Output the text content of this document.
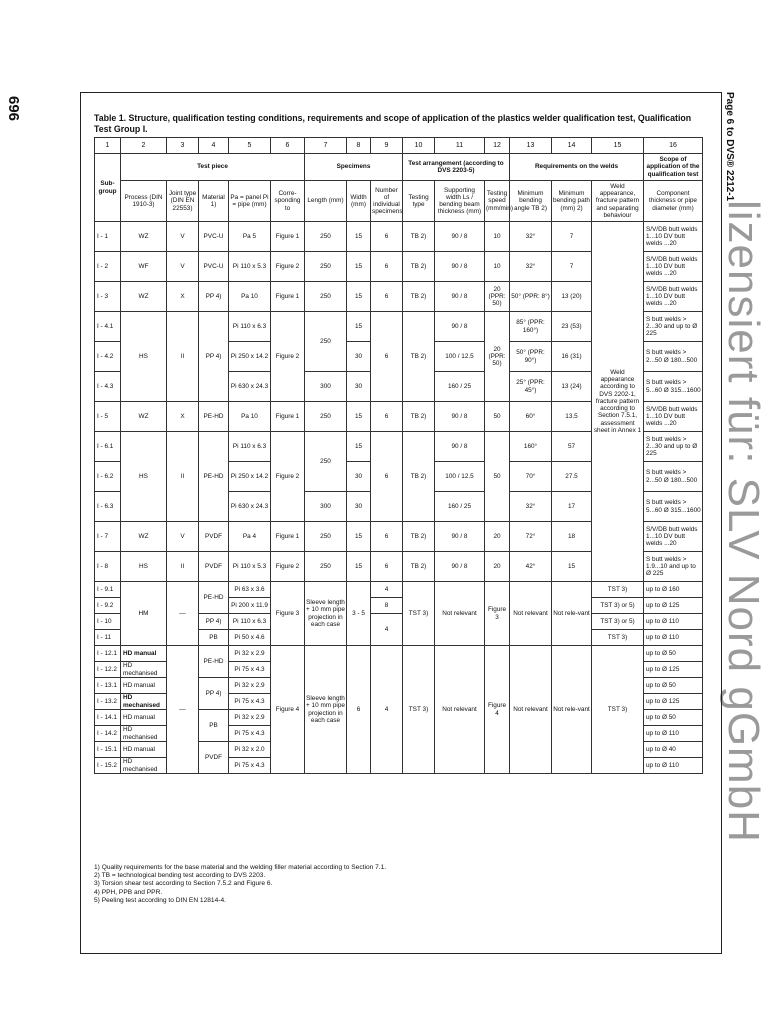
696	Page 6 to DVS® 2212-1
lizensiert für: SLV Nord gGmbH
Table 1. Structure, qualification testing conditions, requirements and scope of application of the plastics welder qualification test, Qualification Test Group I.
1	2	3	4	5	6	7	8	9	10	11	12	13	14	15	16
Sub-group	Test piece					Specimens			Test arrangement (according to DVS 2203-5)			Requirements on the welds			Scope of application of the qualification test
	Process (DIN 1910-3)	Joint type (DIN EN 22553)	Material 1)	Pa = panel Pi = pipe (mm)	Corre-sponding to	Length (mm)	Width (mm)	Number of individual specimens	Testing type	Supporting width Ls / bending beam thickness (mm)	Testing speed (mm/min)	Minimum bending angle TB 2)	Minimum bending path (mm) 2)	Weld appearance, fracture pattern and separating behaviour	Component thickness or pipe diameter (mm)
I - 1	WZ	V	PVC-U	Pa 5	Figure 1	250	15	6	TB 2)	90 / 8	10	32°	7	Weld appearance according to DVS 2202-1, fracture pattern according to Section 7.5.1, assessment sheet in Annex 1	S/V/DB butt welds 1...10 DV butt welds ...20
I - 2	WF	V	PVC-U	Pi 110 x 5.3	Figure 2	250	15	6	TB 2)	90 / 8	10	32°	7		S/V/DB butt welds 1...10 DV butt welds ...20
I - 3	WZ	X	PP 4)	Pa 10	Figure 1	250	15	6	TB 2)	90 / 8	20 (PPR: 50)	50° (PPR: 8°)	13 (20)		S/V/DB butt welds 1...10 DV butt welds ...20
I - 4.1	HS	II	PP 4)	Pi 110 x 6.3	Figure 2	250	15	6	TB 2)	90 / 8	20 (PPR: 50)	85° (PPR: 160°)	23 (53)		S butt welds > 2...30 and up to Ø 225
I - 4.2				Pi 250 x 14.2			30			100 / 12.5		50° (PPR: 90°)	16 (31)		S butt welds > 2...50 Ø 180...500
I - 4.3				Pi 630 x 24.3		300	30			160 / 25		25° (PPR: 45°)	13 (24)		S butt welds > 5...60 Ø 315...1600
I - 5	WZ	X	PE-HD	Pa 10	Figure 1	250	15	6	TB 2)	90 / 8	50	60°	13.5		S/V/DB butt welds 1...10 DV butt welds ...20
I - 6.1	HS	II	PE-HD	Pi 110 x 6.3	Figure 2	250	15	6	TB 2)	90 / 8	50	160°	57		S butt welds > 2...30 and up to Ø 225
I - 6.2				Pi 250 x 14.2			30			100 / 12.5		70°	27.5		S butt welds > 2...50 Ø 180...500
I - 6.3				Pi 630 x 24.3		300	30			160 / 25		32°	17		S butt welds > 5...60 Ø 315...1600
I - 7	WZ	V	PVDF	Pa 4	Figure 1	250	15	6	TB 2)	90 / 8	20	72°	18		S/V/DB butt welds 1...10 DV butt welds ...20
I - 8	HS	II	PVDF	Pi 110 x 5.3	Figure 2	250	15	6	TB 2)	90 / 8	20	42°	15		S butt welds > 1.9...10 and up to Ø 225
I - 9.1	HM	—	PE-HD	Pi 63 x 3.6	Figure 3	Sleeve length + 10 mm pipe projection in each case	3 - 5	4	TST 3)	Not relevant	Figure 3	Not relevant	Not rele-vant	TST 3)	up to Ø 160
I - 9.2				Pi 200 x 11.9				8						TST 3) or 5)	up to Ø 125
I - 10			PP 4)	Pi 110 x 6.3				4						TST 3) or 5)	up to Ø 110
I - 11			PB	Pi 50 x 4.6										TST 3)	up to Ø 110
I - 12.1	HD manual	—	PE-HD	Pi 32 x 2.9	Figure 4	Sleeve length + 10 mm pipe projection in each case	6	4	TST 3)	Not relevant	Figure 4	Not relevant	Not rele-vant	TST 3)	up to Ø 50
I - 12.2	HD mechanised			Pi 75 x 4.3											up to Ø 125
I - 13.1	HD manual		PP 4)	Pi 32 x 2.9											up to Ø 50
I - 13.2	HD mechanised			Pi 75 x 4.3											up to Ø 125
I - 14.1	HD manual		PB	Pi 32 x 2.9											up to Ø 50
I - 14.2	HD mechanised			Pi 75 x 4.3											up to Ø 110
I - 15.1	HD manual		PVDF	Pi 32 x 2.0											up to Ø 40
I - 15.2	HD mechanised			Pi 75 x 4.3											up to Ø 110
1) Quality requirements for the base material and the welding filler material according to Section 7.1.
2) TB = technological bending test according to DVS 2203.
3) Torsion shear test according to Section 7.5.2 and Figure 6.
4) PPH, PPB and PPR.
5) Peeling test according to DIN EN 12814-4.
